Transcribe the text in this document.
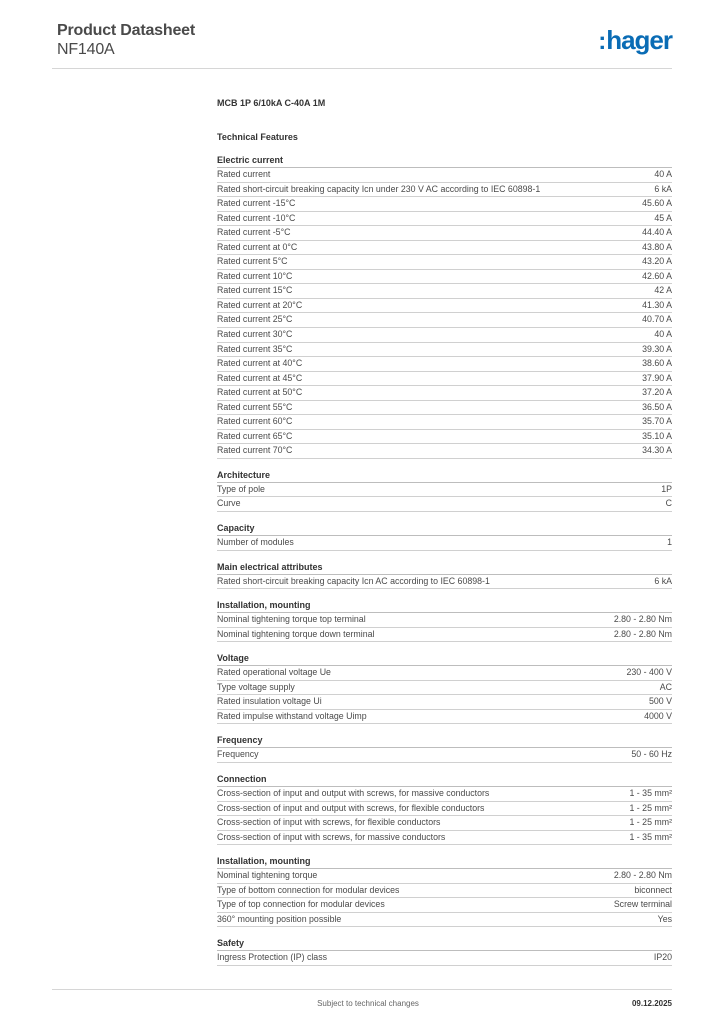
Product Datasheet
NF140A	:hager
MCB 1P 6/10kA C-40A 1M
Technical Features
Electric current
Rated current	40 A
Rated short-circuit breaking capacity Icn under 230 V AC according to IEC 60898-1	6 kA
Rated current -15°C	45.60 A
Rated current -10°C	45 A
Rated current -5°C	44.40 A
Rated current at 0°C	43.80 A
Rated current 5°C	43.20 A
Rated current 10°C	42.60 A
Rated current 15°C	42 A
Rated current at 20°C	41.30 A
Rated current 25°C	40.70 A
Rated current 30°C	40 A
Rated current 35°C	39.30 A
Rated current at 40°C	38.60 A
Rated current at 45°C	37.90 A
Rated current at 50°C	37.20 A
Rated current 55°C	36.50 A
Rated current 60°C	35.70 A
Rated current 65°C	35.10 A
Rated current 70°C	34.30 A
Architecture
Type of pole	1P
Curve	C
Capacity
Number of modules	1
Main electrical attributes
Rated short-circuit breaking capacity Icn AC according to IEC 60898-1	6 kA
Installation, mounting
Nominal tightening torque top terminal	2.80 - 2.80 Nm
Nominal tightening torque down terminal	2.80 - 2.80 Nm
Voltage
Rated operational voltage Ue	230 - 400 V
Type voltage supply	AC
Rated insulation voltage Ui	500 V
Rated impulse withstand voltage Uimp	4000 V
Frequency
Frequency	50 - 60 Hz
Connection
Cross-section of input and output with screws, for massive conductors	1 - 35 mm²
Cross-section of input and output with screws, for flexible conductors	1 - 25 mm²
Cross-section of input with screws, for flexible conductors	1 - 25 mm²
Cross-section of input with screws, for massive conductors	1 - 35 mm²
Installation, mounting
Nominal tightening torque	2.80 - 2.80 Nm
Type of bottom connection for modular devices	biconnect
Type of top connection for modular devices	Screw terminal
360° mounting position possible	Yes
Safety
Ingress Protection (IP) class	IP20
Subject to technical changes	09.12.2025
